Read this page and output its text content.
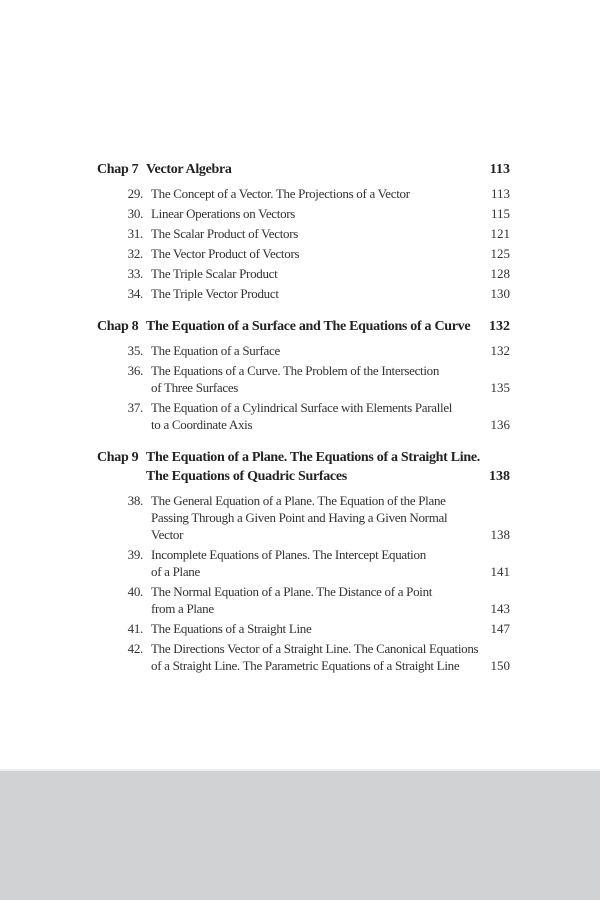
Chap 7 Vector Algebra	113
29. The Concept of a Vector. The Projections of a Vector	113
30. Linear Operations on Vectors	115
31. The Scalar Product of Vectors	121
32. The Vector Product of Vectors	125
33. The Triple Scalar Product	128
34. The Triple Vector Product	130
Chap 8 The Equation of a Surface and The Equations of a Curve 132
35. The Equation of a Surface	132
36. The Equations of a Curve. The Problem of the Intersection
of Three Surfaces	135
37. The Equation of a Cylindrical Surface with Elements Parallel
to a Coordinate Axis	136
Chap 9 The Equation of a Plane. The Equations of a Straight Line.
The Equations of Quadric Surfaces	138
38. The General Equation of a Plane. The Equation of the Plane
Passing Through a Given Point and Having a Given Normal
Vector	138
39. Incomplete Equations of Planes. The Intercept Equation
of a Plane	141
40. The Normal Equation of a Plane. The Distance of a Point
from a Plane	143
41. The Equations of a Straight Line	147
42. The Directions Vector of a Straight Line. The Canonical Equations
of a Straight Line. The Parametric Equations of a Straight Line 150
